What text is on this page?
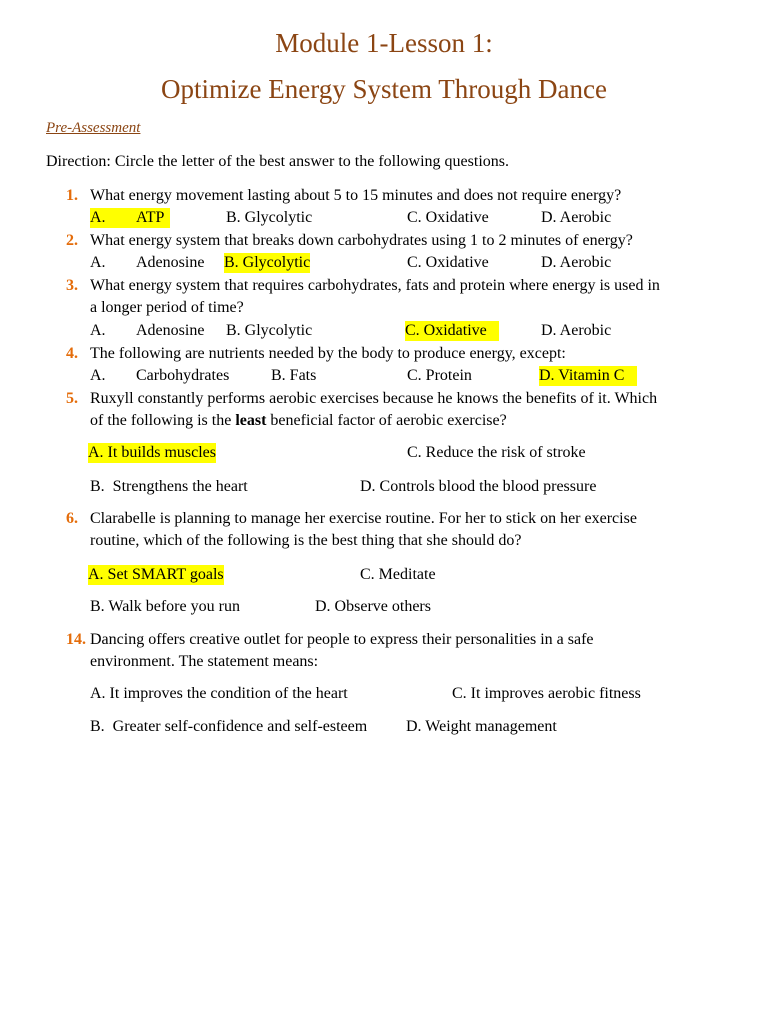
Module 1-Lesson 1:
Optimize Energy System Through Dance
Pre-Assessment
Direction: Circle the letter of the best answer to the following questions.
1. What energy movement lasting about 5 to 15 minutes and does not require energy?
A. ATP	B. Glycolytic	C. Oxidative	D. Aerobic
2. What energy system that breaks down carbohydrates using 1 to 2 minutes of energy?
A. Adenosine B. Glycolytic	C. Oxidative	D. Aerobic
3. What energy system that requires carbohydrates, fats and protein where energy is used in
a longer period of time?
A. Adenosine B. Glycolytic	C. Oxidative	D. Aerobic
4. The following are nutrients needed by the body to produce energy, except:
A. Carbohydrates	B. Fats	C. Protein	D. Vitamin C
5. Ruxyll constantly performs aerobic exercises because he knows the benefits of it. Which
of the following is the least beneficial factor of aerobic exercise?
A. It builds muscles	C. Reduce the risk of stroke
B.  Strengthens the heart	D. Controls blood the blood pressure
6. Clarabelle is planning to manage her exercise routine. For her to stick on her exercise
routine, which of the following is the best thing that she should do?
A. Set SMART goals	C. Meditate
B. Walk before you run	D. Observe others
14. Dancing offers creative outlet for people to express their personalities in a safe
environment. The statement means:
A. It improves the condition of the heart	C. It improves aerobic fitness
B.  Greater self-confidence and self-esteem D. Weight management
